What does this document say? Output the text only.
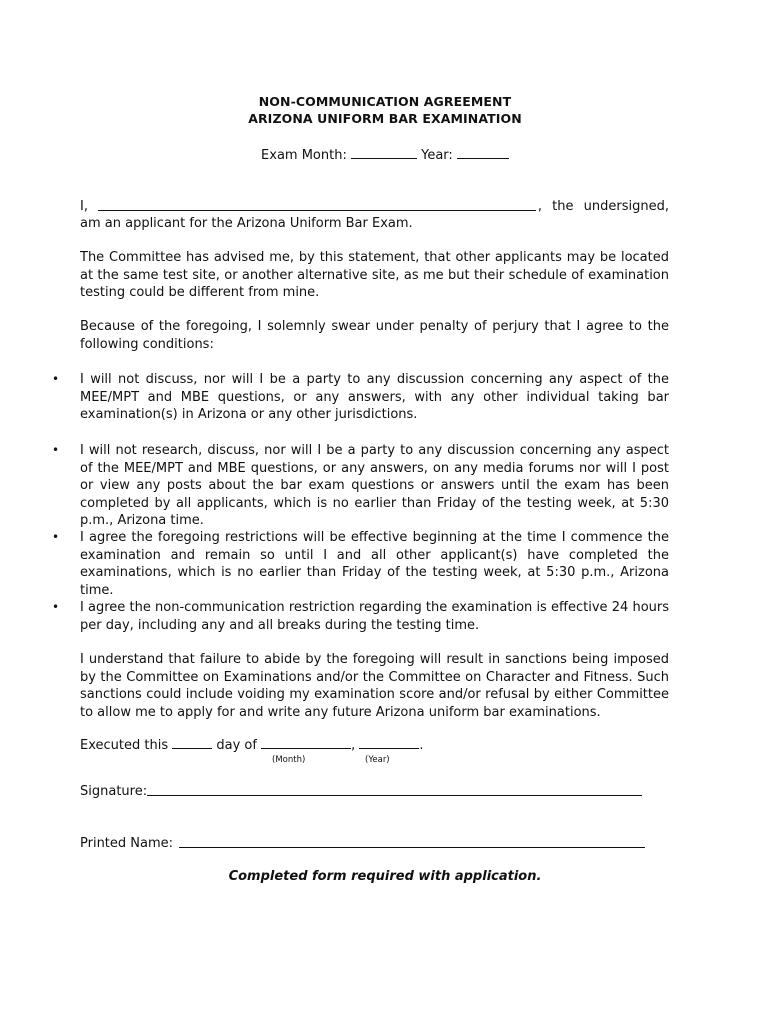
NON-COMMUNICATION AGREEMENT
ARIZONA UNIFORM BAR EXAMINATION
Exam Month:	Year:
I,	, the undersigned,

am an applicant for the Arizona Uniform Bar Exam.

The Committee has advised me, by this statement, that other applicants may be located at the same test site, or another alternative site, as me but their schedule of examination testing could be different from mine.

Because of the foregoing, I solemnly swear under penalty of perjury that I agree to the following conditions:

• I will not discuss, nor will I be a party to any discussion concerning any aspect of the MEE/MPT and MBE questions, or any answers, with any other individual taking bar examination(s) in Arizona or any other jurisdictions.

• I will not research, discuss, nor will I be a party to any discussion concerning any aspect of the MEE/MPT and MBE questions, or any answers, on any media forums nor will I post or view any posts about the bar exam questions or answers until the exam has been completed by all applicants, which is no earlier than Friday of the testing week, at 5:30 p.m., Arizona time.

• I agree the foregoing restrictions will be effective beginning at the time I commence the examination and remain so until I and all other applicant(s) have completed the examinations, which is no earlier than Friday of the testing week, at 5:30 p.m., Arizona time.

• I agree the non-communication restriction regarding the examination is effective 24 hours per day, including any and all breaks during the testing time.

I understand that failure to abide by the foregoing will result in sanctions being imposed by the Committee on Examinations and/or the Committee on Character and Fitness. Such sanctions could include voiding my examination score and/or refusal by either Committee to allow me to apply for and write any future Arizona uniform bar examinations.

Executed this	day of	,	.
(Month)	(Year)
Signature:
Printed Name:
Completed form required with application.
